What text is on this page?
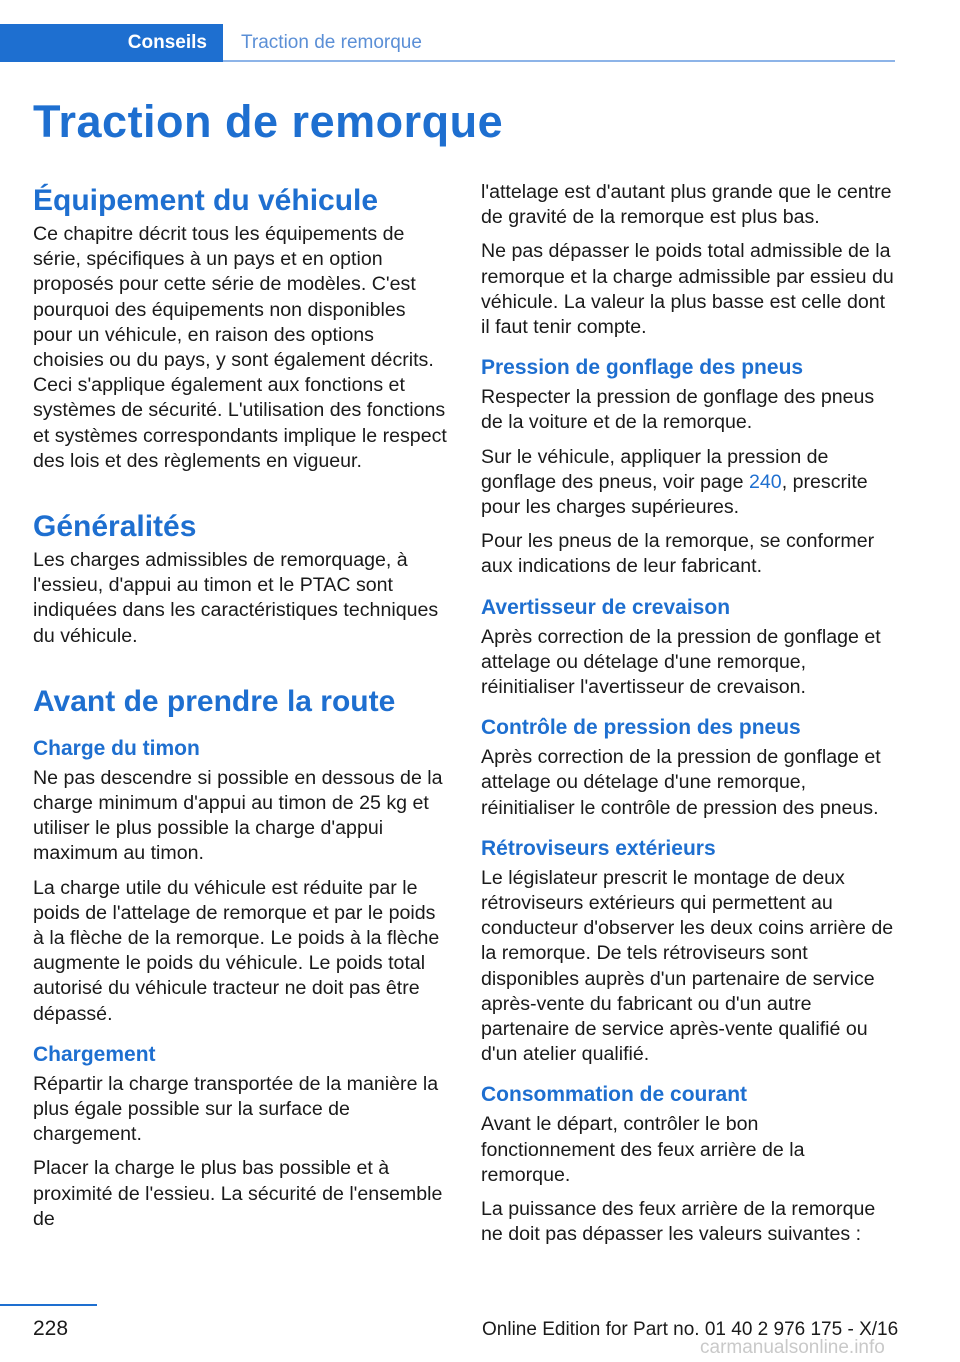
Conseils Traction de remorque
Traction de remorque
Équipement du véhicule

Ce chapitre décrit tous les équipements de série, spécifiques à un pays et en option proposés pour cette série de modèles. C'est pourquoi des équipements non disponibles pour un véhicule, en raison des options choisies ou du pays, y sont également décrits. Ceci s'applique également aux fonctions et systèmes de sécurité. L'utilisation des fonctions et systèmes correspondants implique le respect des lois et des règlements en vigueur.

Généralités

Les charges admissibles de remorquage, à l'essieu, d'appui au timon et le PTAC sont indiquées dans les caractéristiques techniques du véhicule.

Avant de prendre la route
Charge du timon

Ne pas descendre si possible en dessous de la charge minimum d'appui au timon de 25 kg et utiliser le plus possible la charge d'appui maximum au timon.

La charge utile du véhicule est réduite par le poids de l'attelage de remorque et par le poids à la flèche de la remorque. Le poids à la flèche augmente le poids du véhicule. Le poids total autorisé du véhicule tracteur ne doit pas être dépassé.

Chargement

Répartir la charge transportée de la manière la plus égale possible sur la surface de chargement.

Placer la charge le plus bas possible et à proximité de l'essieu. La sécurité de l'ensemble de

l'attelage est d'autant plus grande que le centre de gravité de la remorque est plus bas.

Ne pas dépasser le poids total admissible de la remorque et la charge admissible par essieu du véhicule. La valeur la plus basse est celle dont il faut tenir compte.

Pression de gonflage des pneus

Respecter la pression de gonflage des pneus de la voiture et de la remorque.

Sur le véhicule, appliquer la pression de gonflage des pneus, voir page 240, prescrite pour les charges supérieures.

Pour les pneus de la remorque, se conformer aux indications de leur fabricant.

Avertisseur de crevaison

Après correction de la pression de gonflage et attelage ou dételage d'une remorque, réinitialiser l'avertisseur de crevaison.

Contrôle de pression des pneus

Après correction de la pression de gonflage et attelage ou dételage d'une remorque, réinitialiser le contrôle de pression des pneus.

Rétroviseurs extérieurs

Le législateur prescrit le montage de deux rétroviseurs extérieurs qui permettent au conducteur d'observer les deux coins arrière de la remorque. De tels rétroviseurs sont disponibles auprès d'un partenaire de service après-vente du fabricant ou d'un autre partenaire de service après-vente qualifié ou d'un atelier qualifié.

Consommation de courant

Avant le départ, contrôler le bon fonctionnement des feux arrière de la remorque.

La puissance des feux arrière de la remorque ne doit pas dépasser les valeurs suivantes :

228	Online Edition for Part no. 01 40 2 976 175 - X/16
carmanualsonline.info
